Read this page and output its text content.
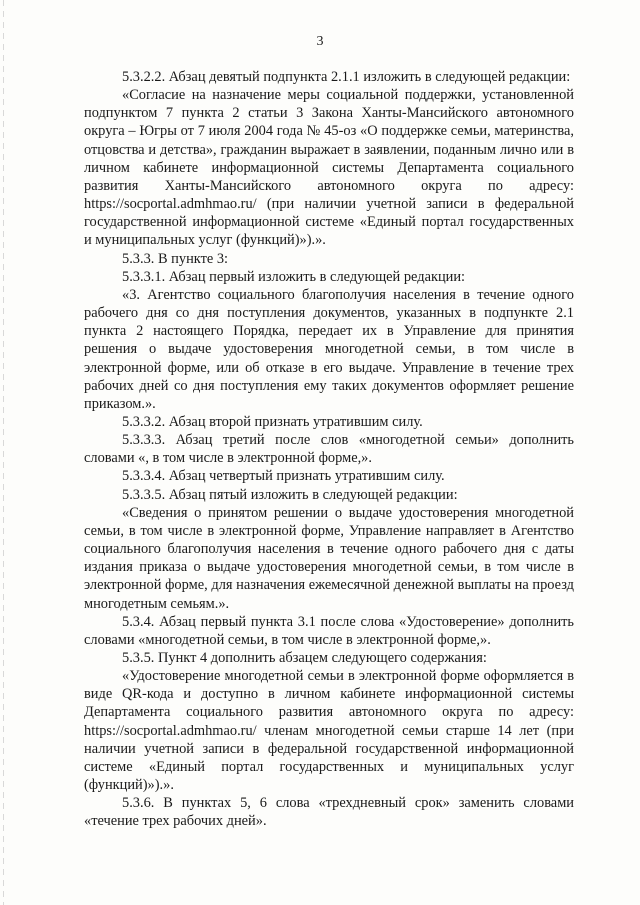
3

5.3.2.2. Абзац девятый подпункта 2.1.1 изложить в следующей редакции:

«Согласие на назначение меры социальной поддержки, установленной подпунктом 7 пункта 2 статьи 3 Закона Ханты-Мансийского автономного округа – Югры от 7 июля 2004 года № 45-оз «О поддержке семьи, материнства, отцовства и детства», гражданин выражает в заявлении, поданным лично или в личном кабинете информационной системы Департамента социального развития Ханты-Мансийского автономного округа по адресу: https://socportal.admhmao.ru/ (при наличии учетной записи в федеральной государственной информационной системе «Единый портал государственных и муниципальных услуг (функций)»).».

5.3.3. В пункте 3:

5.3.3.1. Абзац первый изложить в следующей редакции:

«3. Агентство социального благополучия населения в течение одного рабочего дня со дня поступления документов, указанных в подпункте 2.1 пункта 2 настоящего Порядка, передает их в Управление для принятия решения о выдаче удостоверения многодетной семьи, в том числе в электронной форме, или об отказе в его выдаче. Управление в течение трех рабочих дней со дня поступления ему таких документов оформляет решение приказом.».

5.3.3.2. Абзац второй признать утратившим силу.

5.3.3.3. Абзац третий после слов «многодетной семьи» дополнить словами «, в том числе в электронной форме,».

5.3.3.4. Абзац четвертый признать утратившим силу.

5.3.3.5. Абзац пятый изложить в следующей редакции:

«Сведения о принятом решении о выдаче удостоверения многодетной семьи, в том числе в электронной форме, Управление направляет в Агентство социального благополучия населения в течение одного рабочего дня с даты издания приказа о выдаче удостоверения многодетной семьи, в том числе в электронной форме, для назначения ежемесячной денежной выплаты на проезд многодетным семьям.».

5.3.4. Абзац первый пункта 3.1 после слова «Удостоверение» дополнить словами «многодетной семьи, в том числе в электронной форме,».

5.3.5. Пункт 4 дополнить абзацем следующего содержания:

«Удостоверение многодетной семьи в электронной форме оформляется в виде QR-кода и доступно в личном кабинете информационной системы Департамента социального развития автономного округа по адресу: https://socportal.admhmao.ru/ членам многодетной семьи старше 14 лет (при наличии учетной записи в федеральной государственной информационной системе «Единый портал государственных и муниципальных услуг (функций)»).».

5.3.6. В пунктах 5, 6 слова «трехдневный срок» заменить словами «течение трех рабочих дней».
